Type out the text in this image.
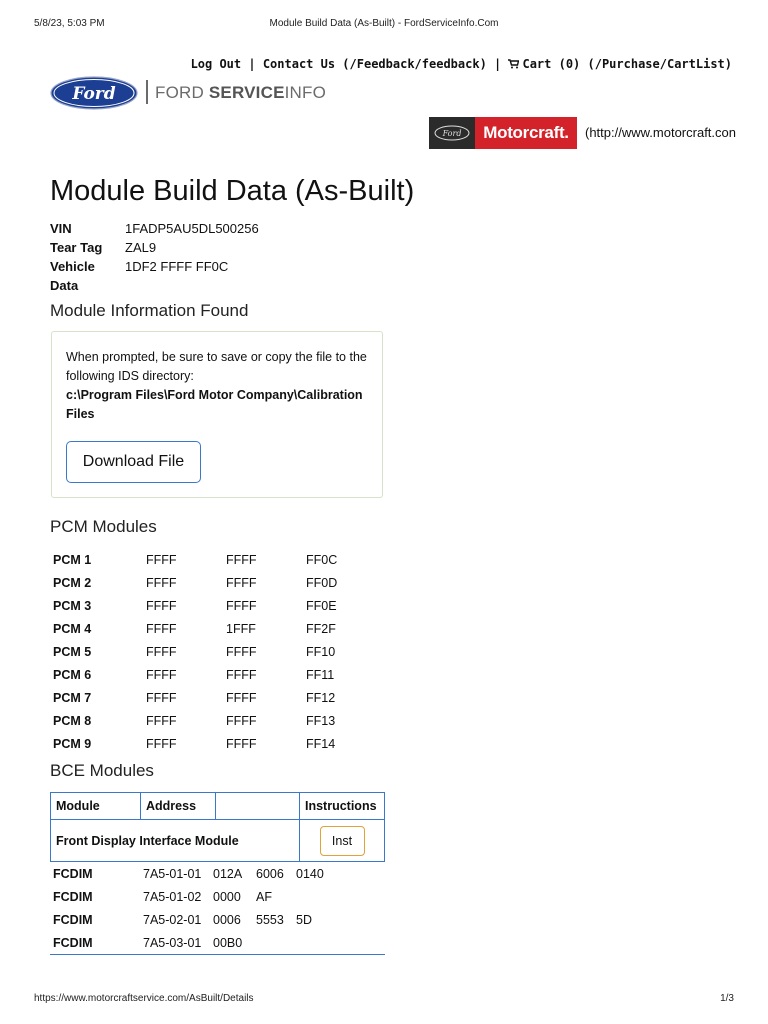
5/8/23, 5:03 PM	Module Build Data (As-Built) - FordServiceInfo.Com
Log Out | Contact Us (/Feedback/feedback) | Cart (0) (/Purchase/CartList)
Ford FORD SERVICEINFO
Ford	Motorcraft.	(http://www.motorcraft.con
Module Build Data (As-Built)
VIN	1FADP5AU5DL500256
Tear Tag	ZAL9
Vehicle Data
1DF2 FFFF FF0C
Module Information Found
When prompted, be sure to save or copy the file to the following IDS directory:
c:\Program Files\Ford Motor Company\Calibration Files
Download File
PCM Modules
PCM 1	FFFF	FFFF	FF0C
PCM 2	FFFF	FFFF	FF0D
PCM 3	FFFF	FFFF	FF0E
PCM 4	FFFF	1FFF	FF2F
PCM 5	FFFF	FFFF	FF10
PCM 6	FFFF	FFFF	FF11
PCM 7	FFFF	FFFF	FF12
PCM 8	FFFF	FFFF	FF13
PCM 9	FFFF	FFFF	FF14
BCE Modules
Module	Address	Instructions
Front Display Interface Module	Inst
FCDIM	7A5-01-01 012A	6006 0140
FCDIM	7A5-01-02 0000	AF
FCDIM	7A5-02-01 0006	5553 5D
FCDIM	7A5-03-01 00B0
https://www.motorcraftservice.com/AsBuilt/Details	1/3
